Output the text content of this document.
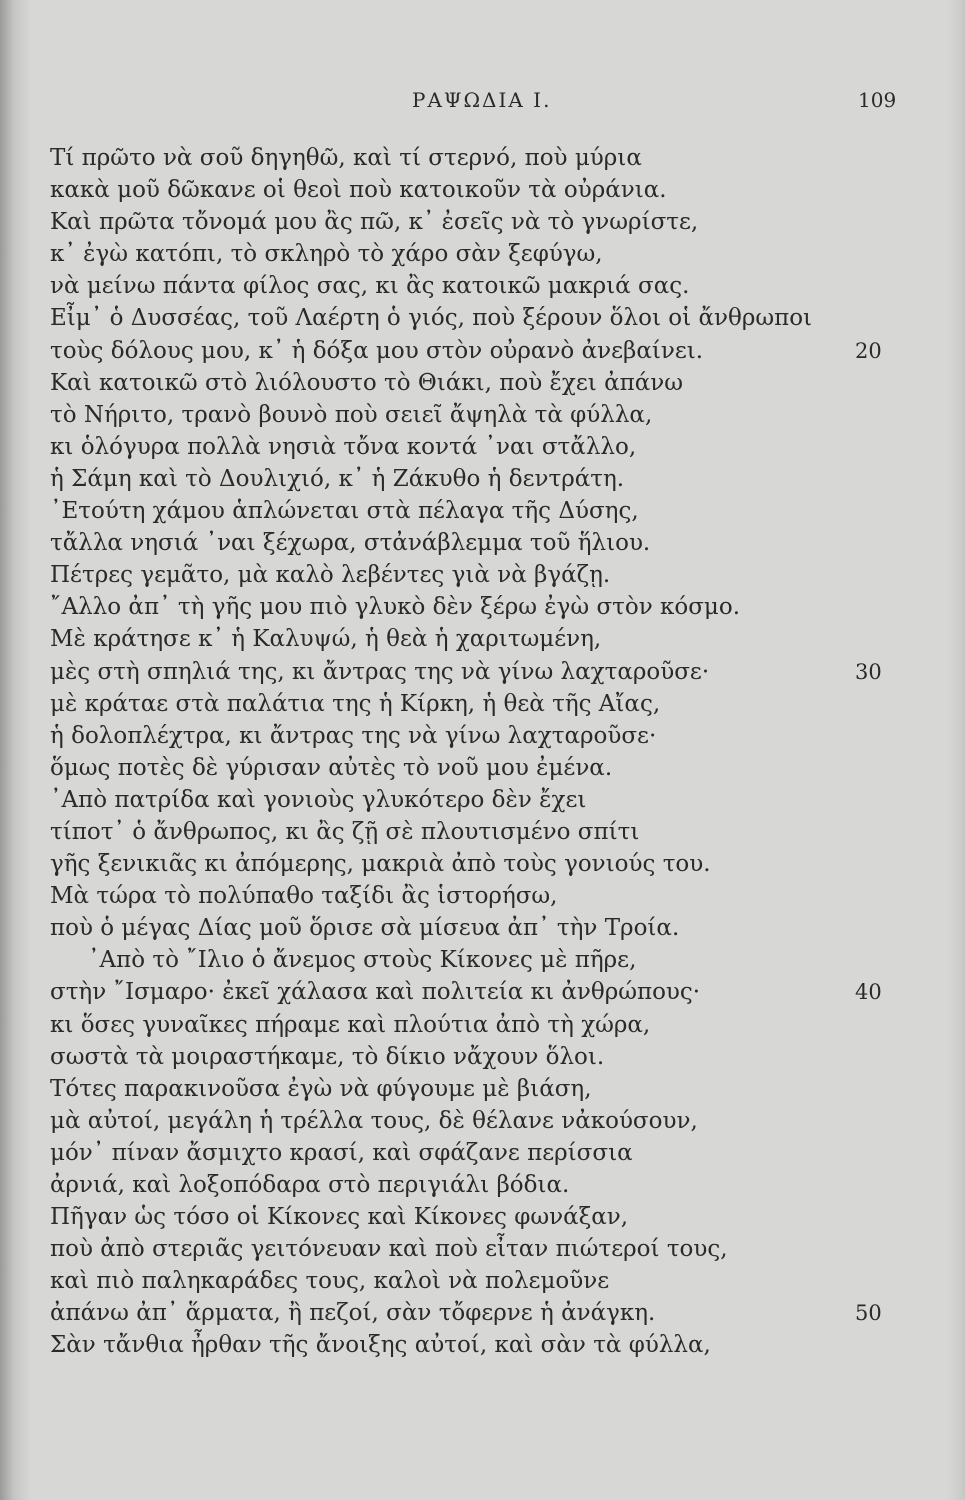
ΡΑΨΩΔΙΑ Ι.	109
Τί πρῶτο νὰ σοῦ δηγηθῶ, καὶ τί στερνό, ποὺ μύρια
κακὰ μοῦ δῶκανε οἱ θεοὶ ποὺ κατοικοῦν τὰ οὐράνια.
Καὶ πρῶτα τὄνομά μου ἂς πῶ, κ᾿ ἐσεῖς νὰ τὸ γνωρίστε,
κ᾿ ἐγὼ κατόπι, τὸ σκληρὸ τὸ χάρο σὰν ξεφύγω,
νὰ μείνω πάντα φίλος σας, κι ἂς κατοικῶ μακριά σας.
Εἶμ᾿ ὁ Δυσσέας, τοῦ Λαέρτη ὁ γιός, ποὺ ξέρουν ὅλοι οἱ ἄνθρωποι
τοὺς δόλους μου, κ᾿ ἡ δόξα μου στὸν οὐρανὸ ἀνεβαίνει.	20
Καὶ κατοικῶ στὸ λιόλουστο τὸ Θιάκι, ποὺ ἔχει ἀπάνω
τὸ Νήριτο, τρανὸ βουνὸ ποὺ σειεῖ ἄψηλὰ τὰ φύλλα,
κι ὁλόγυρα πολλὰ νησιὰ τὄνα κοντά ᾿ναι στἄλλο,
ἡ Σάμη καὶ τὸ Δουλιχιό, κ᾿ ἡ Ζάκυθο ἡ δεντράτη.
᾿Ετούτη χάμου ἁπλώνεται στὰ πέλαγα τῆς Δύσης,
τἄλλα νησιά ᾿ναι ξέχωρα, στἀνάβλεμμα τοῦ ἥλιου.
Πέτρες γεμᾶτο, μὰ καλὸ λεβέντες γιὰ νὰ βγάζῃ.
῎Αλλο ἀπ᾿ τὴ γῆς μου πιὸ γλυκὸ δὲν ξέρω ἐγὼ στὸν κόσμο.
Μὲ κράτησε κ᾿ ἡ Καλυψώ, ἡ θεὰ ἡ χαριτωμένη,
μὲς στὴ σπηλιά της, κι ἄντρας της νὰ γίνω λαχταροῦσε·	30
μὲ κράταε στὰ παλάτια της ἡ Κίρκη, ἡ θεὰ τῆς Αἴας,
ἡ δολοπλέχτρα, κι ἄντρας της νὰ γίνω λαχταροῦσε·
ὅμως ποτὲς δὲ γύρισαν αὐτὲς τὸ νοῦ μου ἐμένα.
᾿Απὸ πατρίδα καὶ γονιοὺς γλυκότερο δὲν ἔχει
τίποτ᾿ ὁ ἄνθρωπος, κι ἂς ζῇ σὲ πλουτισμένο σπίτι
γῆς ξενικιᾶς κι ἀπόμερης, μακριὰ ἀπὸ τοὺς γονιούς του.
Μὰ τώρα τὸ πολύπαθο ταξίδι ἂς ἱστορήσω,
ποὺ ὁ μέγας Δίας μοῦ ὅρισε σὰ μίσευα ἀπ᾿ τὴν Τροία.
᾿Απὸ τὸ ῎Ιλιο ὁ ἄνεμος στοὺς Κίκονες μὲ πῆρε,
στὴν ῎Ισμαρο· ἐκεῖ χάλασα καὶ πολιτεία κι ἀνθρώπους·	40
κι ὅσες γυναῖκες πήραμε καὶ πλούτια ἀπὸ τὴ χώρα,
σωστὰ τὰ μοιραστήκαμε, τὸ δίκιο νἄχουν ὅλοι.
Τότες παρακινοῦσα ἐγὼ νὰ φύγουμε μὲ βιάση,
μὰ αὐτοί, μεγάλη ἡ τρέλλα τους, δὲ θέλανε νἀκούσουν,
μόν᾿ πίναν ἄσμιχτο κρασί, καὶ σφάζανε περίσσια
ἀρνιά, καὶ λοξοπόδαρα στὸ περιγιάλι βόδια.
Πῆγαν ὡς τόσο οἱ Κίκονες καὶ Κίκονες φωνάξαν,
ποὺ ἀπὸ στεριᾶς γειτόνευαν καὶ ποὺ εἶταν πιώτεροί τους,
καὶ πιὸ παληκαράδες τους, καλοὶ νὰ πολεμοῦνε
ἀπάνω ἀπ᾿ ἅρματα, ἢ πεζοί, σὰν τὄφερνε ἡ ἀνάγκη.	50
Σὰν τἄνθια ἦρθαν τῆς ἄνοιξης αὐτοί, καὶ σὰν τὰ φύλλα,
